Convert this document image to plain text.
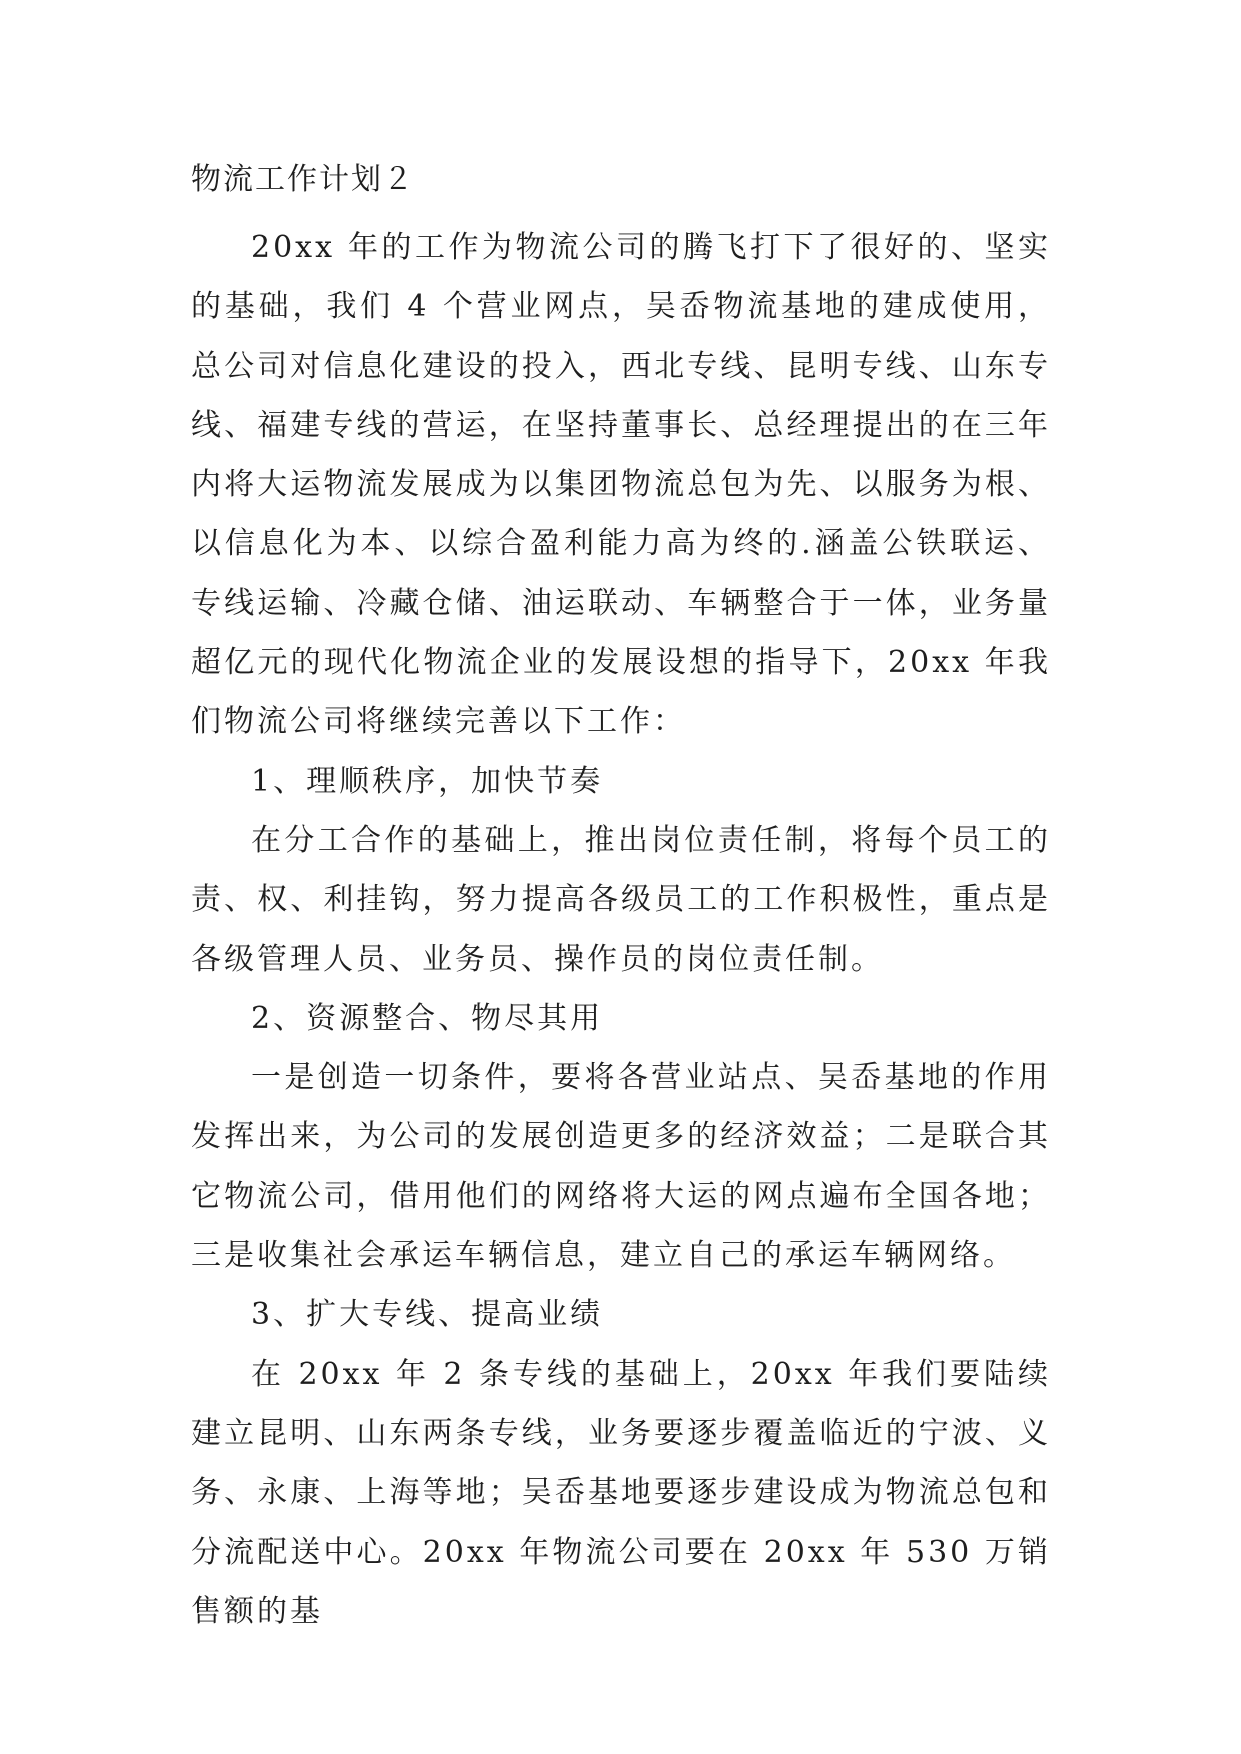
物流工作计划２

20xx 年的工作为物流公司的腾飞打下了很好的、坚实的基础，我们 4 个营业网点，吴岙物流基地的建成使用，总公司对信息化建设的投入，西北专线、昆明专线、山东专线、福建专线的营运，在坚持董事长、总经理提出的在三年内将大运物流发展成为以集团物流总包为先、以服务为根、以信息化为本、以综合盈利能力高为终的.涵盖公铁联运、专线运输、冷藏仓储、油运联动、车辆整合于一体，业务量超亿元的现代化物流企业的发展设想的指导下，20xx 年我们物流公司将继续完善以下工作：

1、理顺秩序，加快节奏

在分工合作的基础上，推出岗位责任制，将每个员工的责、权、利挂钩，努力提高各级员工的工作积极性，重点是各级管理人员、业务员、操作员的岗位责任制。

2、资源整合、物尽其用

一是创造一切条件，要将各营业站点、吴岙基地的作用发挥出来，为公司的发展创造更多的经济效益；二是联合其它物流公司，借用他们的网络将大运的网点遍布全国各地；三是收集社会承运车辆信息，建立自己的承运车辆网络。

3、扩大专线、提高业绩

在 20xx 年 2 条专线的基础上，20xx 年我们要陆续建立昆明、山东两条专线，业务要逐步覆盖临近的宁波、义务、永康、上海等地；吴岙基地要逐步建设成为物流总包和分流配送中心。20xx 年物流公司要在 20xx 年 530 万销售额的基
